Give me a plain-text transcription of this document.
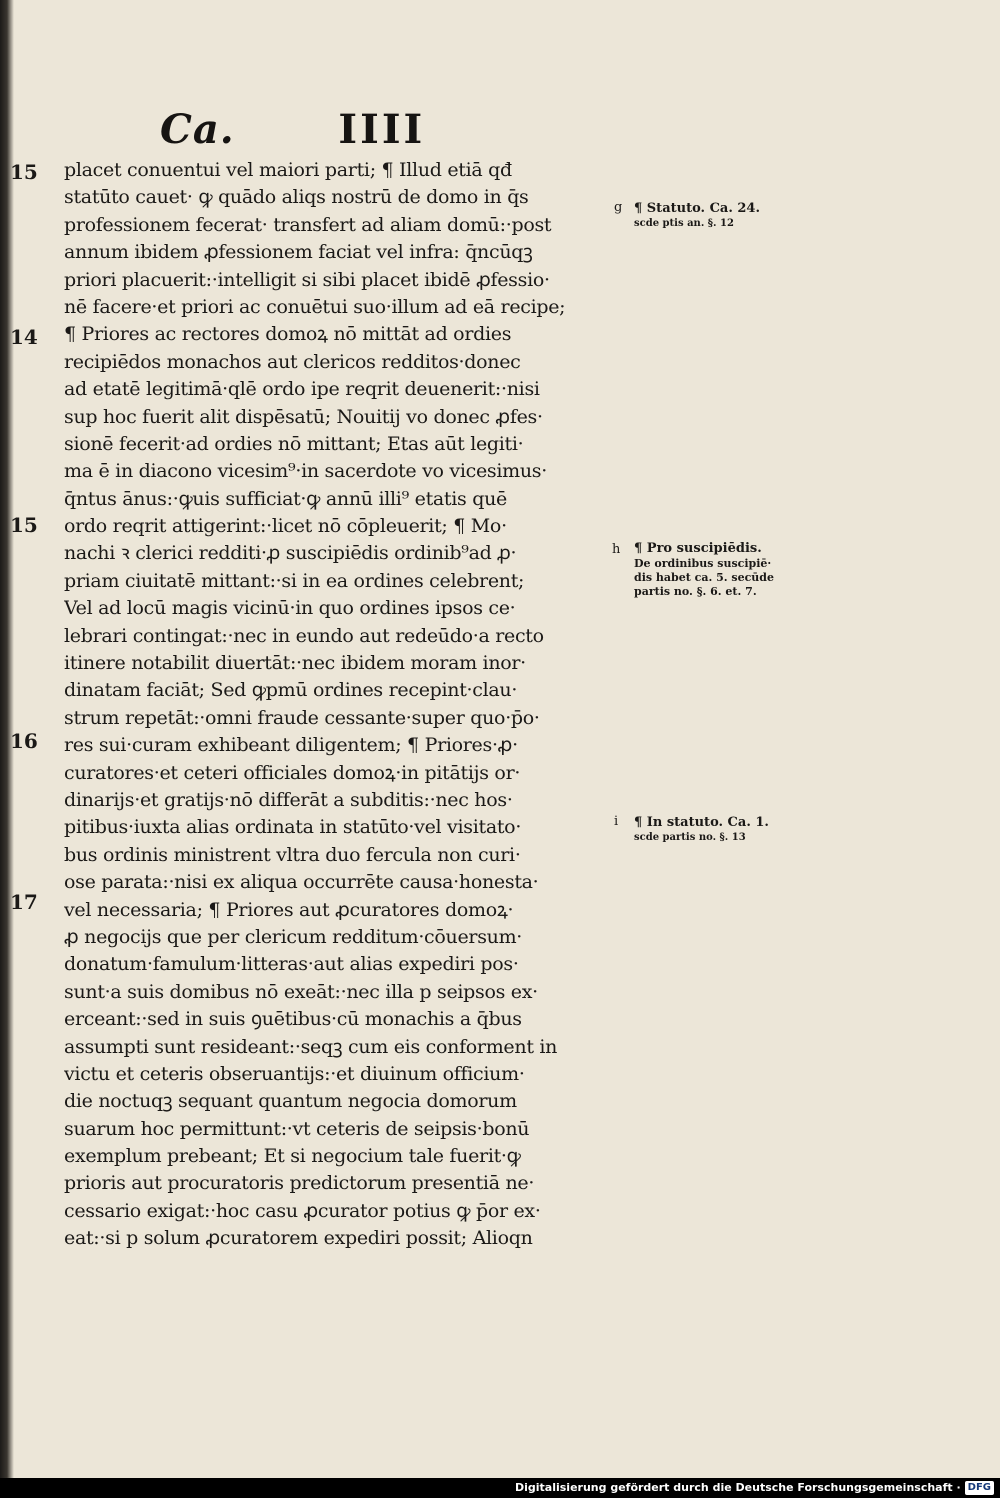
Ca.	IIII
15
14
15
16
17
placet conuentui vel maiori parti; ¶ Illud etiā qđ
statūto cauet· ꝙ quādo aliqs nostrū de domo in q̄s
professionem fecerat· transfert ad aliam domū:·post
annum ibidem ꝓfessionem faciat vel infra: q̄ncūqꝫ
priori placuerit:·intelligit si sibi placet ibidē ꝓfessio·
nē facere·et priori ac conuētui suo·illum ad eā recipe;
¶ Priores ac rectores domoꝝ nō mittāt ad ordies
recipiēdos monachos aut clericos redditos·donec
ad etatē legitimā·qlē ordo ipe reqrit deuenerit:·nisi
sup hoc fuerit alit dispēsatū; Nouitij vo donec ꝓfes·
sionē fecerit·ad ordies nō mittant; Etas aūt legiti·
ma ē in diacono vicesim⁹·in sacerdote vo vicesimus·
q̄ntus ānus:·ꝙuis sufficiat·ꝙ annū illi⁹ etatis quē
ordo reqrit attigerint:·licet nō cōpleuerit; ¶ Mo·
nachi ꝛ clerici redditi·ꝓ suscipiēdis ordinib⁹ad ꝓ·
priam ciuitatē mittant:·si in ea ordines celebrent;
Vel ad locū magis vicinū·in quo ordines ipsos ce·
lebrari contingat:·nec in eundo aut redeūdo·a recto
itinere notabilit diuertāt:·nec ibidem moram inor·
dinatam faciāt; Sed ꝙpmū ordines recepint·clau·
strum repetāt:·omni fraude cessante·super quo·p̄o·
res sui·curam exhibeant diligentem; ¶ Priores·ꝓ·
curatores·et ceteri officiales domoꝝ·in pitātijs or·
dinarijs·et gratijs·nō differāt a subditis:·nec hos·
pitibus·iuxta alias ordinata in statūto·vel visitato·
bus ordinis ministrent vltra duo fercula non curi·
ose parata:·nisi ex aliqua occurrēte causa·honesta·
vel necessaria; ¶ Priores aut ꝓcuratores domoꝝ·
ꝓ negocijs que per clericum redditum·cōuersum·
donatum·famulum·litteras·aut alias expediri pos·
sunt·a suis domibus nō exeāt:·nec illa p seipsos ex·
erceant:·sed in suis ꝯuētibus·cū monachis a q̄bus
assumpti sunt resideant:·seqꝫ cum eis conforment in
victu et ceteris obseruantijs:·et diuinum officium·
die noctuqꝫ sequant quantum negocia domorum
suarum hoc permittunt:·vt ceteris de seipsis·bonū
exemplum prebeant; Et si negocium tale fuerit·ꝙ
prioris aut procuratoris predictorum presentiā ne·
cessario exigat:·hoc casu ꝓcurator potius ꝙ p̄or ex·
eat:·si p solum ꝓcuratorem expediri possit; Alioqn
g
h
i
¶ Statuto. Ca. 24.
scde ptis an. §. 12
¶ Pro suscipiēdis.
De ordinibus suscipiē·
dis habet ca. 5. secūde
partis no. §. 6. et. 7.
¶ In statuto. Ca. 1.
scde partis no. §. 13
Digitalisierung gefördert durch die Deutsche Forschungsgemeinschaft · DFG
